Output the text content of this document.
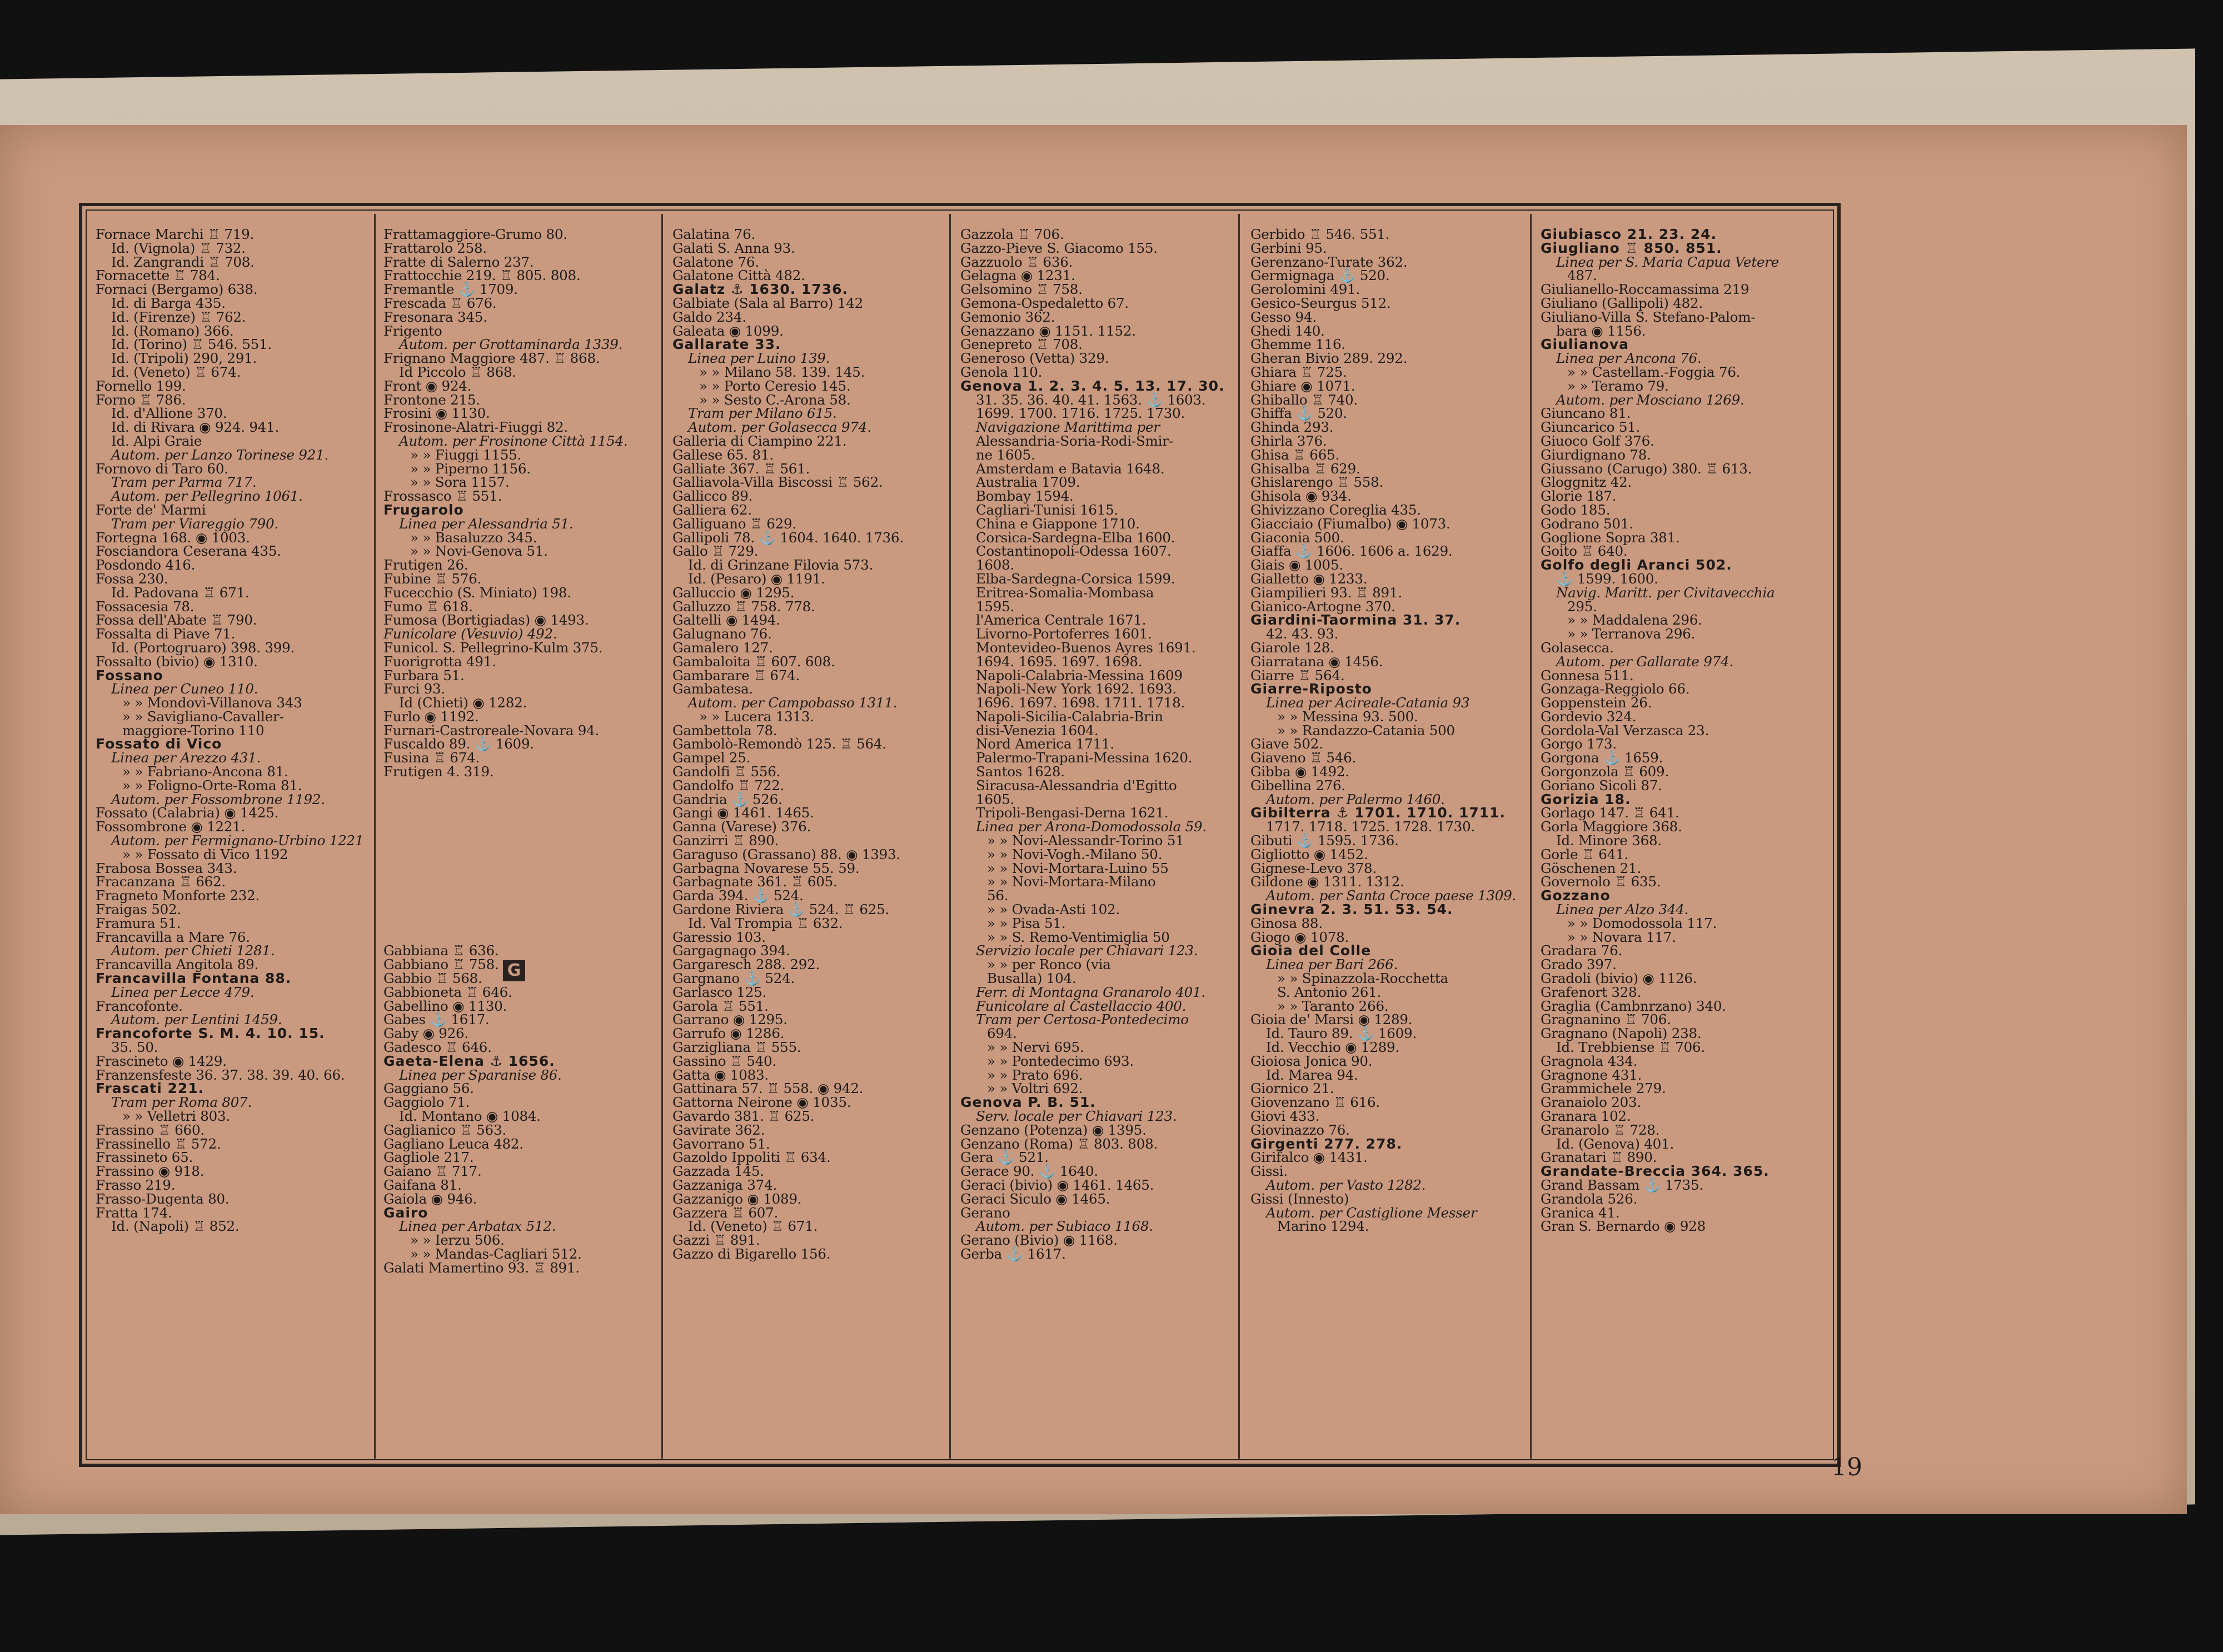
Fornace Marchi ♖ 719.
Id. (Vignola) ♖ 732.
Id. Zangrandi ♖ 708.
Fornacette ♖ 784.
Fornaci (Bergamo) 638.
Id. di Barga 435.
Id. (Firenze) ♖ 762.
Id. (Romano) 366.
Id. (Torino) ♖ 546. 551.
Id. (Tripoli) 290, 291.
Id. (Veneto) ♖ 674.
Fornello 199.
Forno ♖ 786.
Id. d'Allione 370.
Id. di Rivara ◉ 924. 941.
Id. Alpi Graie
Autom. per Lanzo Torinese 921.
Fornovo di Taro 60.
Tram per Parma 717.
Autom. per Pellegrino 1061.
Forte de' Marmi
Tram per Viareggio 790.
Fortegna 168. ◉ 1003.
Fosciandora Ceserana 435.
Posdondo 416.
Fossa 230.
Id. Padovana ♖ 671.
Fossacesia 78.
Fossa dell'Abate ♖ 790.
Fossalta di Piave 71.
Id. (Portogruaro) 398. 399.
Fossalto (bivio) ◉ 1310.
Fossano
Linea per Cuneo 110.
» » Mondovì-Villanova 343
» » Savigliano-Cavaller-
maggiore-Torino 110
Fossato di Vico
Linea per Arezzo 431.
» » Fabriano-Ancona 81.
» » Foligno-Orte-Roma 81.
Autom. per Fossombrone 1192.
Fossato (Calabria) ◉ 1425.
Fossombrone ◉ 1221.
Autom. per Fermignano-Urbino 1221
» » Fossato di Vico 1192
Frabosa Bossea 343.
Fracanzana ♖ 662.
Fragneto Monforte 232.
Fraigas 502.
Framura 51.
Francavilla a Mare 76.
Autom. per Chieti 1281.
Francavilla Angitola 89.
Francavilla Fontana 88.
Linea per Lecce 479.
Francofonte.
Autom. per Lentini 1459.
Francoforte S. M. 4. 10. 15.
35. 50.
Frascineto ◉ 1429.
Franzensfeste 36. 37. 38. 39. 40. 66.
Frascati 221.
Tram per Roma 807.
» » Velletri 803.
Frassino ♖ 660.
Frassinello ♖ 572.
Frassineto 65.
Frassino ◉ 918.
Frasso 219.
Frasso-Dugenta 80.
Fratta 174.
Id. (Napoli) ♖ 852.
Frattamaggiore-Grumo 80.
Frattarolo 258.
Fratte di Salerno 237.
Frattocchie 219. ♖ 805. 808.
Fremantle ⚓ 1709.
Frescada ♖ 676.
Fresonara 345.
Frigento
Autom. per Grottaminarda 1339.
Frignano Maggiore 487. ♖ 868.
Id Piccolo ♖ 868.
Front ◉ 924.
Frontone 215.
Frosini ◉ 1130.
Frosinone-Alatri-Fiuggi 82.
Autom. per Frosinone Città 1154.
» » Fiuggi 1155.
» » Piperno 1156.
» » Sora 1157.
Frossasco ♖ 551.
Frugarolo
Linea per Alessandria 51.
» » Basaluzzo 345.
» » Novi-Genova 51.
Frutigen 26.
Fubine ♖ 576.
Fucecchio (S. Miniato) 198.
Fumo ♖ 618.
Fumosa (Bortigiadas) ◉ 1493.
Funicolare (Vesuvio) 492.
Funicol. S. Pellegrino-Kulm 375.
Fuorigrotta 491.
Furbara 51.
Furci 93.
Id (Chieti) ◉ 1282.
Furlo ◉ 1192.
Furnari-Castroreale-Novara 94.
Fuscaldo 89. ⚓ 1609.
Fusina ♖ 674.
Frutigen 4. 319.

Gabbiana ♖ 636.
Gabbiano ♖ 758.
Gabbio ♖ 568.
Gabbioneta ♖ 646.
Gabellino ◉ 1130.
Gabes ⚓ 1617.
Gaby ◉ 926.
Gadesco ♖ 646.
Gaeta-Elena ⚓ 1656.
Linea per Sparanise 86.
Gaggiano 56.
Gaggiolo 71.
Id. Montano ◉ 1084.
Gaglianico ♖ 563.
Gagliano Leuca 482.
Gagliole 217.
Gaiano ♖ 717.
Gaifana 81.
Gaiola ◉ 946.
Gairo
Linea per Arbatax 512.
» » Ierzu 506.
» » Mandas-Cagliari 512.
Galati Mamertino 93. ♖ 891.
Galatina 76.
Galati S. Anna 93.
Galatone 76.
Galatone Città 482.
Galatz ⚓ 1630. 1736.
Galbiate (Sala al Barro) 142
Galdo 234.
Galeata ◉ 1099.
Gallarate 33.
Linea per Luino 139.
» » Milano 58. 139. 145.
» » Porto Ceresio 145.
» » Sesto C.-Arona 58.
Tram per Milano 615.
Autom. per Golasecca 974.
Galleria di Ciampino 221.
Gallese 65. 81.
Galliate 367. ♖ 561.
Galliavola-Villa Biscossi ♖ 562.
Gallicco 89.
Galliera 62.
Galliguano ♖ 629.
Gallipoli 78. ⚓ 1604. 1640. 1736.
Gallo ♖ 729.
Id. di Grinzane Filovia 573.
Id. (Pesaro) ◉ 1191.
Galluccio ◉ 1295.
Galluzzo ♖ 758. 778.
Galtelli ◉ 1494.
Galugnano 76.
Gamalero 127.
Gambaloita ♖ 607. 608.
Gambarare ♖ 674.
Gambatesa.
Autom. per Campobasso 1311.
» » Lucera 1313.
Gambettola 78.
Gambolò-Remondò 125. ♖ 564.
Gampel 25.
Gandolfi ♖ 556.
Gandolfo ♖ 722.
Gandria ⚓ 526.
Gangi ◉ 1461. 1465.
Ganna (Varese) 376.
Ganzirri ♖ 890.
Garaguso (Grassano) 88. ◉ 1393.
Garbagna Novarese 55. 59.
Garbagnate 361. ♖ 605.
Garda 394. ⚓ 524.
Gardone Riviera ⚓ 524. ♖ 625.
Id. Val Trompia ♖ 632.
Garessio 103.
Gargagnago 394.
Gargaresch 288. 292.
Gargnano ⚓ 524.
Garlasco 125.
Garola ♖ 551.
Garrano ◉ 1295.
Garrufo ◉ 1286.
Garzigliana ♖ 555.
Gassino ♖ 540.
Gatta ◉ 1083.
Gattinara 57. ♖ 558. ◉ 942.
Gattorna Neirone ◉ 1035.
Gavardo 381. ♖ 625.
Gavirate 362.
Gavorrano 51.
Gazoldo Ippoliti ♖ 634.
Gazzada 145.
Gazzaniga 374.
Gazzanigo ◉ 1089.
Gazzera ♖ 607.
Id. (Veneto) ♖ 671.
Gazzi ♖ 891.
Gazzo di Bigarello 156.
Gazzola ♖ 706.
Gazzo-Pieve S. Giacomo 155.
Gazzuolo ♖ 636.
Gelagna ◉ 1231.
Gelsomino ♖ 758.
Gemona-Ospedaletto 67.
Gemonio 362.
Genazzano ◉ 1151. 1152.
Genepreto ♖ 708.
Generoso (Vetta) 329.
Genola 110.
Genova 1. 2. 3. 4. 5. 13. 17. 30.
31. 35. 36. 40. 41. 1563. ⚓ 1603.
1699. 1700. 1716. 1725. 1730.
Navigazione Marittima per
Alessandria-Soria-Rodi-Smir-
ne 1605.
Amsterdam e Batavia 1648.
Australia 1709.
Bombay 1594.
Cagliari-Tunisi 1615.
China e Giappone 1710.
Corsica-Sardegna-Elba 1600.
Costantinopoli-Odessa 1607.
1608.
Elba-Sardegna-Corsica 1599.
Eritrea-Somalia-Mombasa
1595.
l'America Centrale 1671.
Livorno-Portoferres 1601.
Montevideo-Buenos Ayres 1691.
1694. 1695. 1697. 1698.
Napoli-Calabria-Messina 1609
Napoli-New York 1692. 1693.
1696. 1697. 1698. 1711. 1718.
Napoli-Sicilia-Calabria-Brin
disi-Venezia 1604.
Nord America 1711.
Palermo-Trapani-Messina 1620.
Santos 1628.
Siracusa-Alessandria d'Egitto
1605.
Tripoli-Bengasi-Derna 1621.
Linea per Arona-Domodossola 59.
» » Novi-Alessandr-Torino 51
» » Novi-Vogh.-Milano 50.
» » Novi-Mortara-Luino 55
» » Novi-Mortara-Milano
56.
» » Ovada-Asti 102.
» » Pisa 51.
» » S. Remo-Ventimiglia 50
Servizio locale per Chiavari 123.
» » per Ronco (via
Busalla) 104.
Ferr. di Montagna Granarolo 401.
Funicolare al Castellaccio 400.
Tram per Certosa-Pontedecimo
694.
» » Nervi 695.
» » Pontedecimo 693.
» » Prato 696.
» » Voltri 692.
Genova P. B. 51.
Serv. locale per Chiavari 123.
Genzano (Potenza) ◉ 1395.
Genzano (Roma) ♖ 803. 808.
Gera ⚓ 521.
Gerace 90. ⚓ 1640.
Geraci (bivio) ◉ 1461. 1465.
Geraci Siculo ◉ 1465.
Gerano
Autom. per Subiaco 1168.
Gerano (Bivio) ◉ 1168.
Gerba ⚓ 1617.
Gerbido ♖ 546. 551.
Gerbini 95.
Gerenzano-Turate 362.
Germignaga ⚓ 520.
Gerolomini 491.
Gesico-Seurgus 512.
Gesso 94.
Ghedi 140.
Ghemme 116.
Gheran Bivio 289. 292.
Ghiara ♖ 725.
Ghiare ◉ 1071.
Ghiballo ♖ 740.
Ghiffa ⚓ 520.
Ghinda 293.
Ghirla 376.
Ghisa ♖ 665.
Ghisalba ♖ 629.
Ghislarengo ♖ 558.
Ghisola ◉ 934.
Ghivizzano Coreglia 435.
Giacciaio (Fiumalbo) ◉ 1073.
Giaconia 500.
Giaffa ⚓ 1606. 1606 a. 1629.
Giais ◉ 1005.
Gialletto ◉ 1233.
Giampilieri 93. ♖ 891.
Gianico-Artogne 370.
Giardini-Taormina 31. 37.
42. 43. 93.
Giarole 128.
Giarratana ◉ 1456.
Giarre ♖ 564.
Giarre-Riposto
Linea per Acireale-Catania 93
» » Messina 93. 500.
» » Randazzo-Catania 500
Giave 502.
Giaveno ♖ 546.
Gibba ◉ 1492.
Gibellina 276.
Autom. per Palermo 1460.
Gibilterra ⚓ 1701. 1710. 1711.
1717. 1718. 1725. 1728. 1730.
Gibuti ⚓ 1595. 1736.
Gigliotto ◉ 1452.
Gignese-Levo 378.
Gildone ◉ 1311. 1312.
Autom. per Santa Croce paese 1309.
Ginevra 2. 3. 51. 53. 54.
Ginosa 88.
Giogo ◉ 1078.
Gioia del Colle
Linea per Bari 266.
» » Spinazzola-Rocchetta
S. Antonio 261.
» » Taranto 266.
Gioia de' Marsi ◉ 1289.
Id. Tauro 89. ⚓ 1609.
Id. Vecchio ◉ 1289.
Gioiosa Jonica 90.
Id. Marea 94.
Giornico 21.
Giovenzano ♖ 616.
Giovi 433.
Giovinazzo 76.
Girgenti 277. 278.
Girifalco ◉ 1431.
Gissi.
Autom. per Vasto 1282.
Gissi (Innesto)
Autom. per Castiglione Messer
Marino 1294.
Giubiasco 21. 23. 24.
Giugliano ♖ 850. 851.
Linea per S. Maria Capua Vetere
487.
Giulianello-Roccamassima 219
Giuliano (Gallipoli) 482.
Giuliano-Villa S. Stefano-Palom-
bara ◉ 1156.
Giulianova
Linea per Ancona 76.
» » Castellam.-Foggia 76.
» » Teramo 79.
Autom. per Mosciano 1269.
Giuncano 81.
Giuncarico 51.
Giuoco Golf 376.
Giurdignano 78.
Giussano (Carugo) 380. ♖ 613.
Gloggnitz 42.
Glorie 187.
Godo 185.
Godrano 501.
Goglione Sopra 381.
Goito ♖ 640.
Golfo degli Aranci 502.
⚓ 1599. 1600.
Navig. Maritt. per Civitavecchia
295.
» » Maddalena 296.
» » Terranova 296.
Golasecca.
Autom. per Gallarate 974.
Gonnesa 511.
Gonzaga-Reggiolo 66.
Goppenstein 26.
Gordevio 324.
Gordola-Val Verzasca 23.
Gorgo 173.
Gorgona ⚓ 1659.
Gorgonzola ♖ 609.
Goriano Sicoli 87.
Gorizia 18.
Gorlago 147. ♖ 641.
Gorla Maggiore 368.
Id. Minore 368.
Gorle ♖ 641.
Göschenen 21.
Governolo ♖ 635.
Gozzano
Linea per Alzo 344.
» » Domodossola 117.
» » Novara 117.
Gradara 76.
Grado 397.
Gradoli (bivio) ◉ 1126.
Grafenort 328.
Graglia (Cambnrzano) 340.
Gragnanino ♖ 706.
Gragnano (Napoli) 238.
Id. Trebbiense ♖ 706.
Gragnola 434.
Gragnone 431.
Grammichele 279.
Granaiolo 203.
Granara 102.
Granarolo ♖ 728.
Id. (Genova) 401.
Granatari ♖ 890.
Grandate-Breccia 364. 365.
Grand Bassam ⚓ 1735.
Grandola 526.
Granica 41.
Gran S. Bernardo ◉ 928
G
19
